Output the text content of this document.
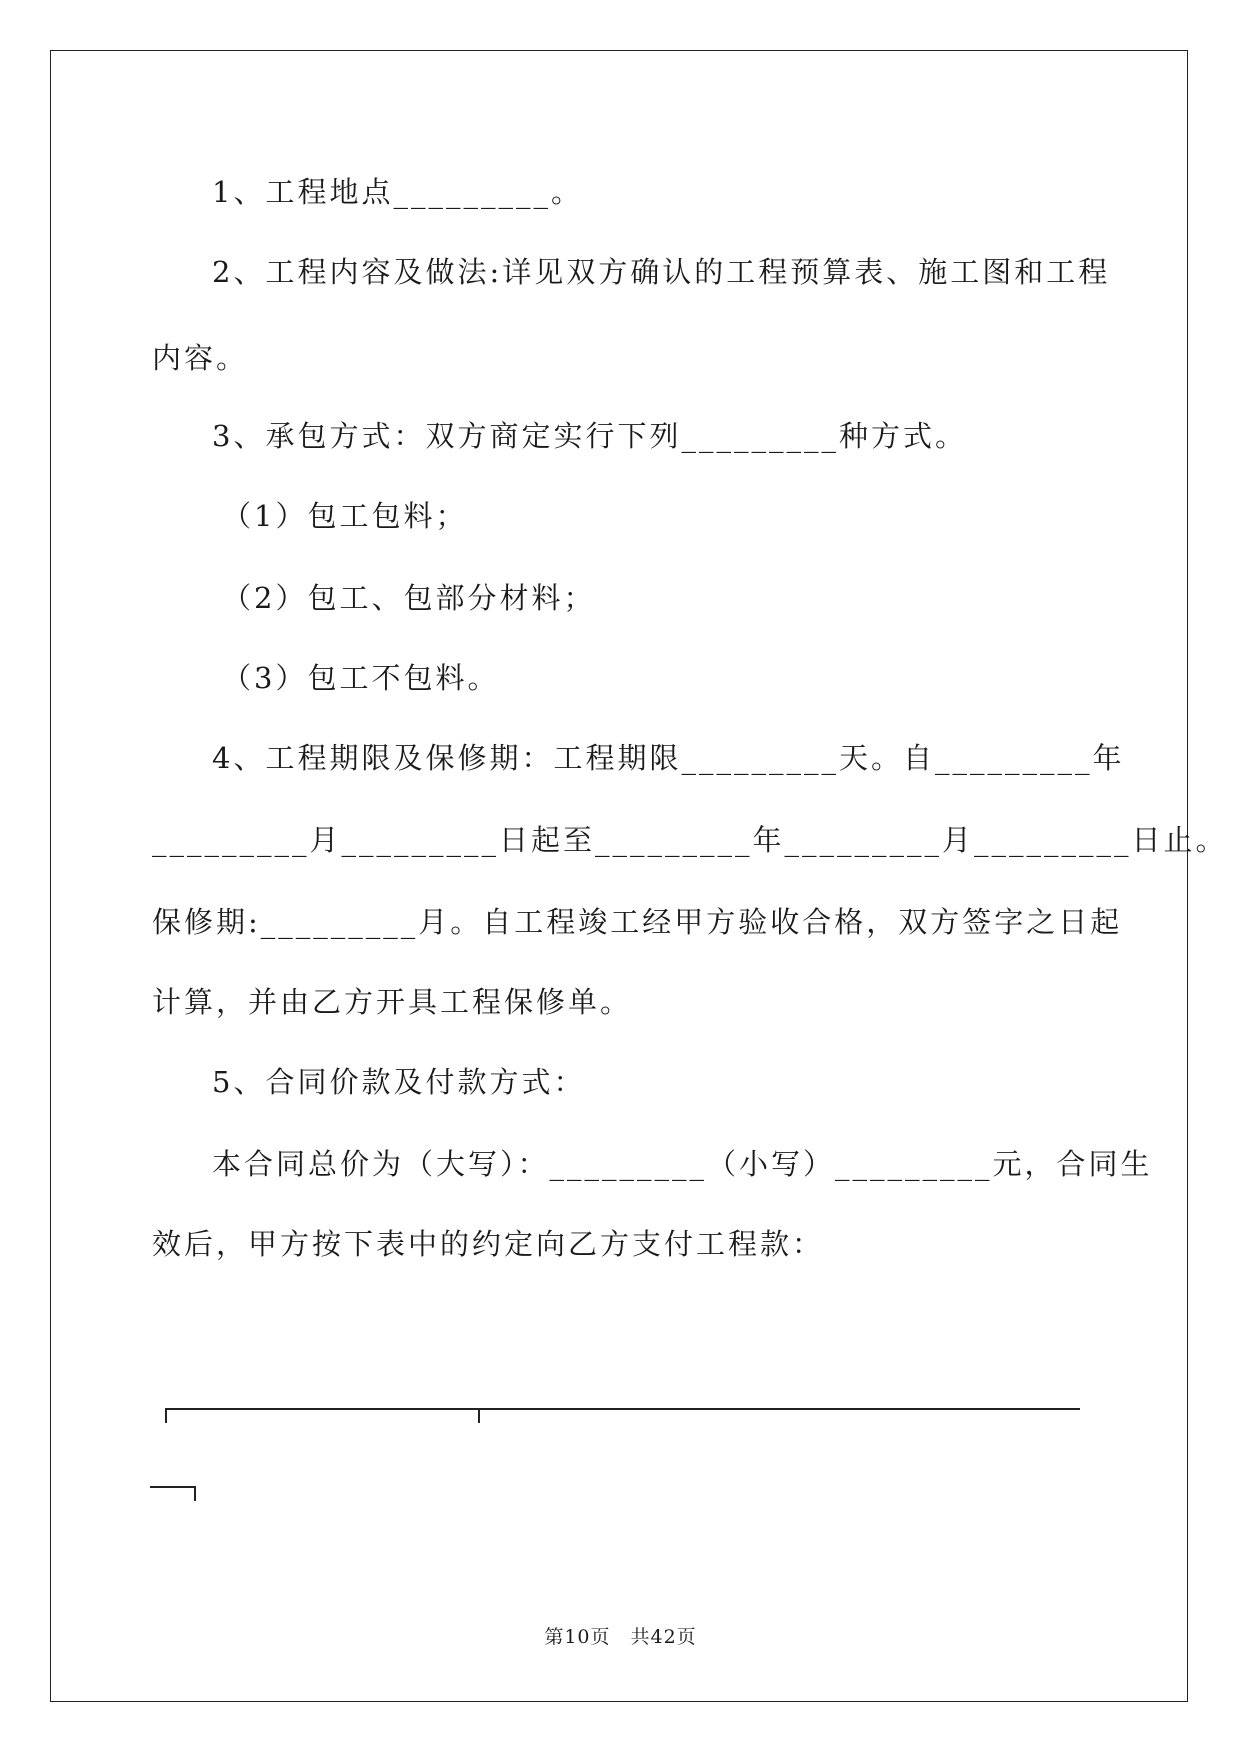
1、工程地点_________。
2、工程内容及做法:详见双方确认的工程预算表、施工图和工程
内容。
3、承包方式：双方商定实行下列_________种方式。
（1）包工包料；
（2）包工、包部分材料；
（3）包工不包料。
4、工程期限及保修期：工程期限_________天。自_________年
_________月_________日起至_________年_________月_________日止。
保修期:_________月。自工程竣工经甲方验收合格，双方签字之日起
计算，并由乙方开具工程保修单。
5、合同价款及付款方式：
本合同总价为（大写）：_________（小写）_________元，合同生
效后，甲方按下表中的约定向乙方支付工程款：
第10页　共42页
